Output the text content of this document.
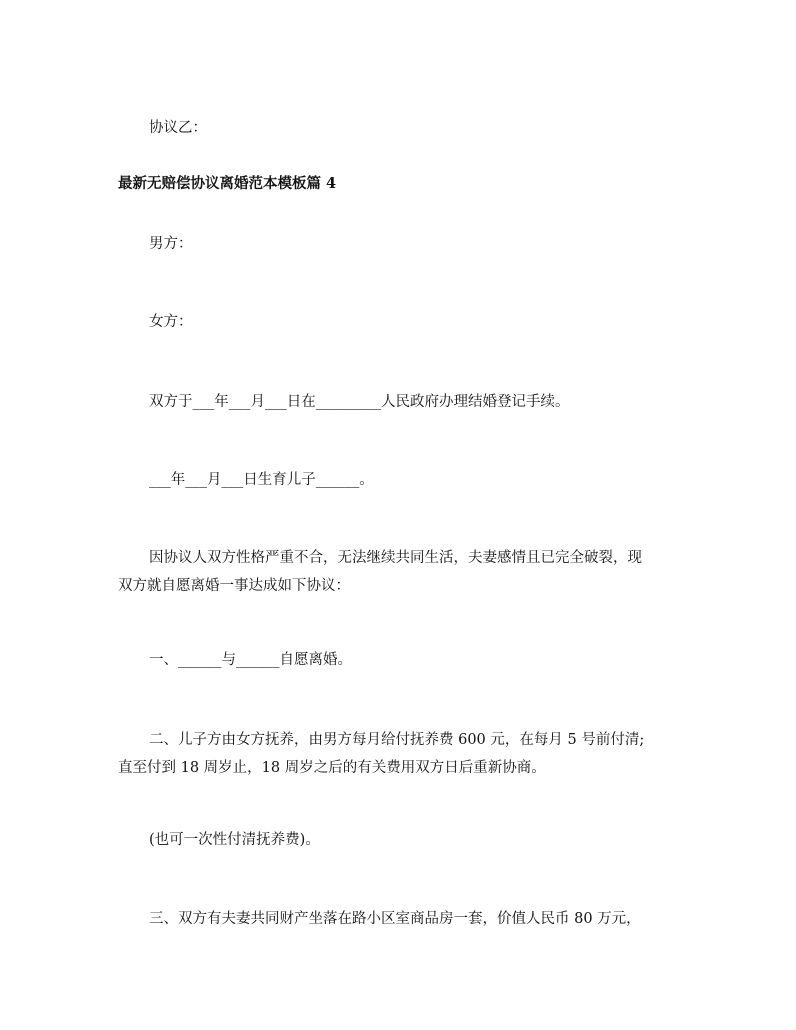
协议乙：
最新无赔偿协议离婚范本模板篇 4
男方：
女方：
双方于___年___月___日在_________人民政府办理结婚登记手续。
___年___月___日生育儿子______。
因协议人双方性格严重不合，无法继续共同生活，夫妻感情且已完全破裂，现
双方就自愿离婚一事达成如下协议：
一、______与______自愿离婚。
二、儿子方由女方抚养，由男方每月给付抚养费 600 元，在每月 5 号前付清;
直至付到 18 周岁止，18 周岁之后的有关费用双方日后重新协商。
(也可一次性付清抚养费)。
三、双方有夫妻共同财产坐落在路小区室商品房一套，价值人民币 80 万元，
